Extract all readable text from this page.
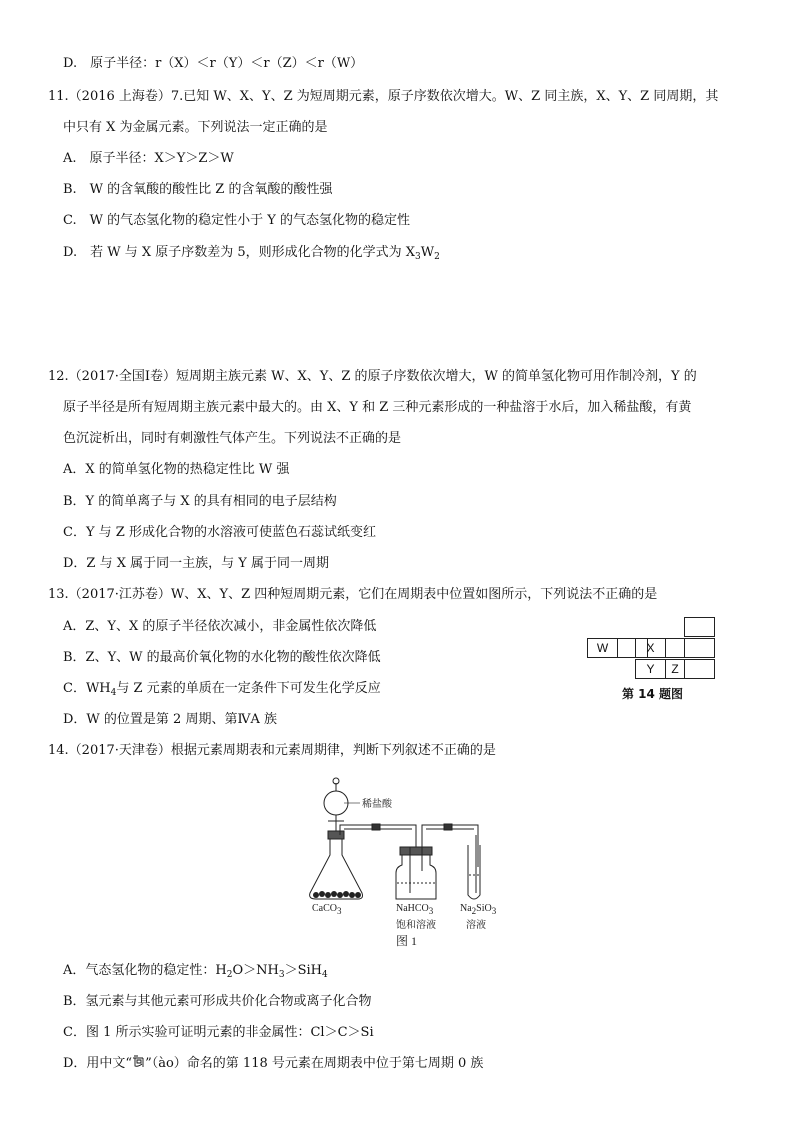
D.　原子半径：r（X）＜r（Y）＜r（Z）＜r（W）
11.（2016 上海卷）7.已知 W、X、Y、Z 为短周期元素，原子序数依次增大。W、Z 同主族，X、Y、Z 同周期，其
中只有 X 为金属元素。下列说法一定正确的是
A.　原子半径：X＞Y＞Z＞W
B.　W 的含氧酸的酸性比 Z 的含氧酸的酸性强
C.　W 的气态氢化物的稳定性小于 Y 的气态氢化物的稳定性
D.　若 W 与 X 原子序数差为 5，则形成化合物的化学式为 $X_3W_2$
12.（2017·全国Ⅰ卷）短周期主族元素 W、X、Y、Z 的原子序数依次增大，W 的简单氢化物可用作制冷剂，Y 的
原子半径是所有短周期主族元素中最大的。由 X、Y 和 Z 三种元素形成的一种盐溶于水后，加入稀盐酸，有黄
色沉淀析出，同时有刺激性气体产生。下列说法不正确的是
A．X 的简单氢化物的热稳定性比 W 强
B．Y 的简单离子与 X 的具有相同的电子层结构
C．Y 与 Z 形成化合物的水溶液可使蓝色石蕊试纸变红
D．Z 与 X 属于同一主族，与 Y 属于同一周期
13.（2017·江苏卷）W、X、Y、Z 四种短周期元素，它们在周期表中位置如图所示，下列说法不正确的是
A．Z、Y、X 的原子半径依次减小，非金属性依次降低
B．Z、Y、W 的最高价氧化物的水化物的酸性依次降低
C．$WH_4$与 Z 元素的单质在一定条件下可发生化学反应
D．W 的位置是第 2 周期、第ⅣA 族
W	X
Y	Z
第 14 题图
14.（2017·天津卷）根据元素周期表和元素周期律，判断下列叙述不正确的是
稀盐酸
CaCO$_3$	NaHCO$_3$
饱和溶液
$Na_2SiO_3$
溶液
图 1
A．气态氢化物的稳定性：$H_2O>NH_3>SiH_4$
B．氢元素与其他元素可形成共价化合物或离子化合物
C．图 1 所示实验可证明元素的非金属性：Cl＞C＞Si
D．用中文“ ”（ào）命名的第 118 号元素在周期表中位于第七周期 0 族
